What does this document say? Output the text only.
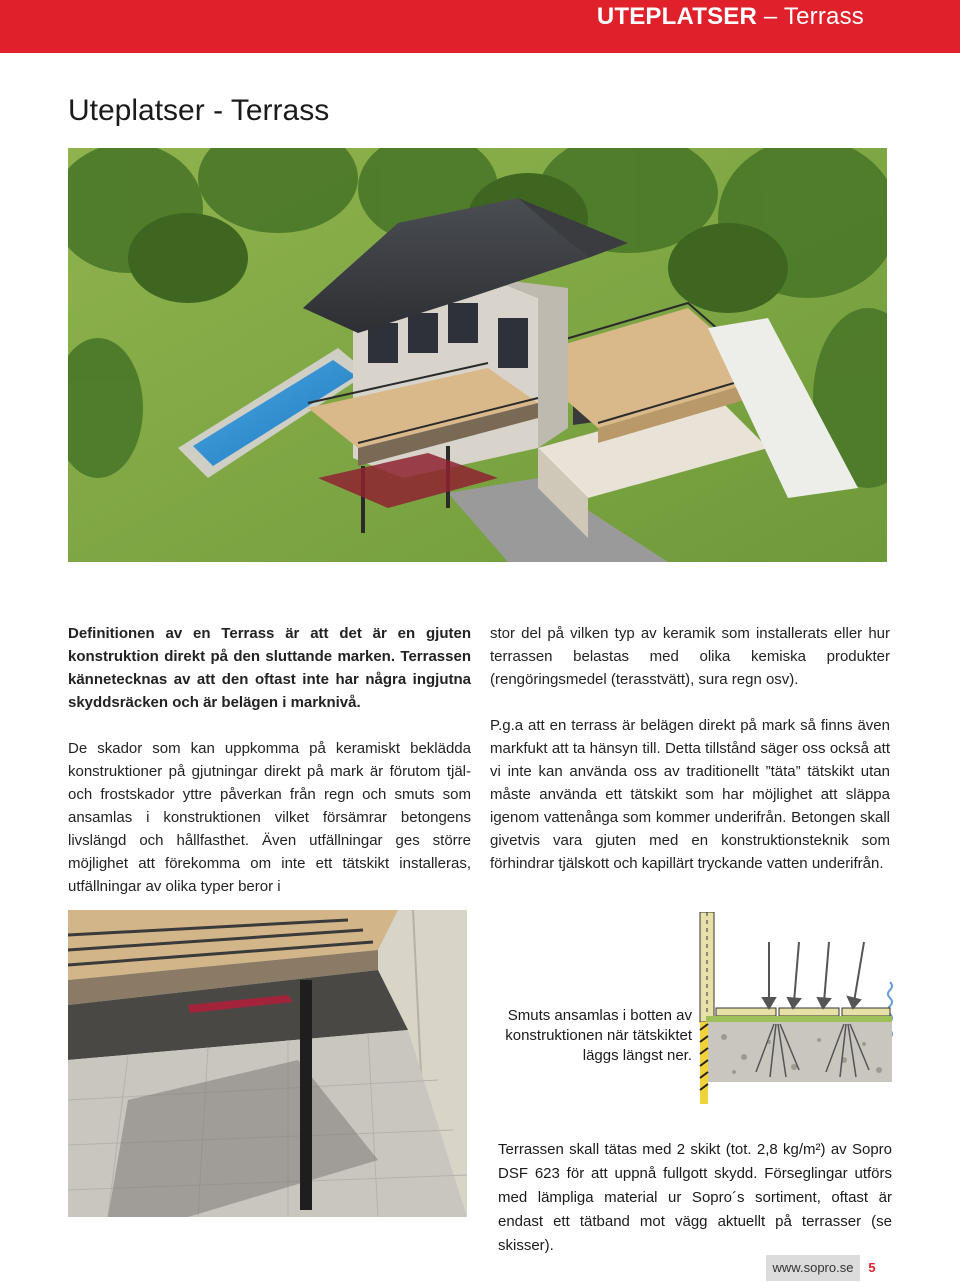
UTEPLATSER – Terrass
Uteplatser - Terrass

Definitionen av en Terrass är att det är en gjuten konstruktion direkt på den sluttande marken. Terrassen kännetecknas av att den oftast inte har några ingjutna skyddsräcken och är belägen i marknivå.

De skador som kan uppkomma på keramiskt beklädda konstruktioner på gjutningar direkt på mark är förutom tjäl- och frostskador yttre påverkan från regn och smuts som ansamlas i konstruktionen vilket försämrar betongens livslängd och hållfasthet. Även utfällningar ges större möjlighet att förekomma om inte ett tätskikt installeras, utfällningar av olika typer beror i

stor del på vilken typ av keramik som installerats eller hur terrassen belastas med olika kemiska produkter (rengöringsmedel (terasstvätt), sura regn osv).

P.g.a att en terrass är belägen direkt på mark så finns även markfukt att ta hänsyn till. Detta tillstånd säger oss också att vi inte kan använda oss av traditionellt ”täta” tätskikt utan måste använda ett tätskikt som har möjlighet att släppa igenom vattenånga som kommer underifrån. Betongen skall givetvis vara gjuten med en konstruktionsteknik som förhindrar tjälskott och kapillärt tryckande vatten underifrån.

Smuts ansamlas i botten av konstruktionen när tätskiktet läggs längst ner.
Terrassen skall tätas med 2 skikt (tot. 2,8 kg/m²) av Sopro DSF 623 för att uppnå fullgott skydd. Förseglingar utförs med lämpliga material ur Sopro´s sortiment, oftast är endast ett tätband mot vägg aktuellt på terrasser (se skisser).
www.sopro.se	5
